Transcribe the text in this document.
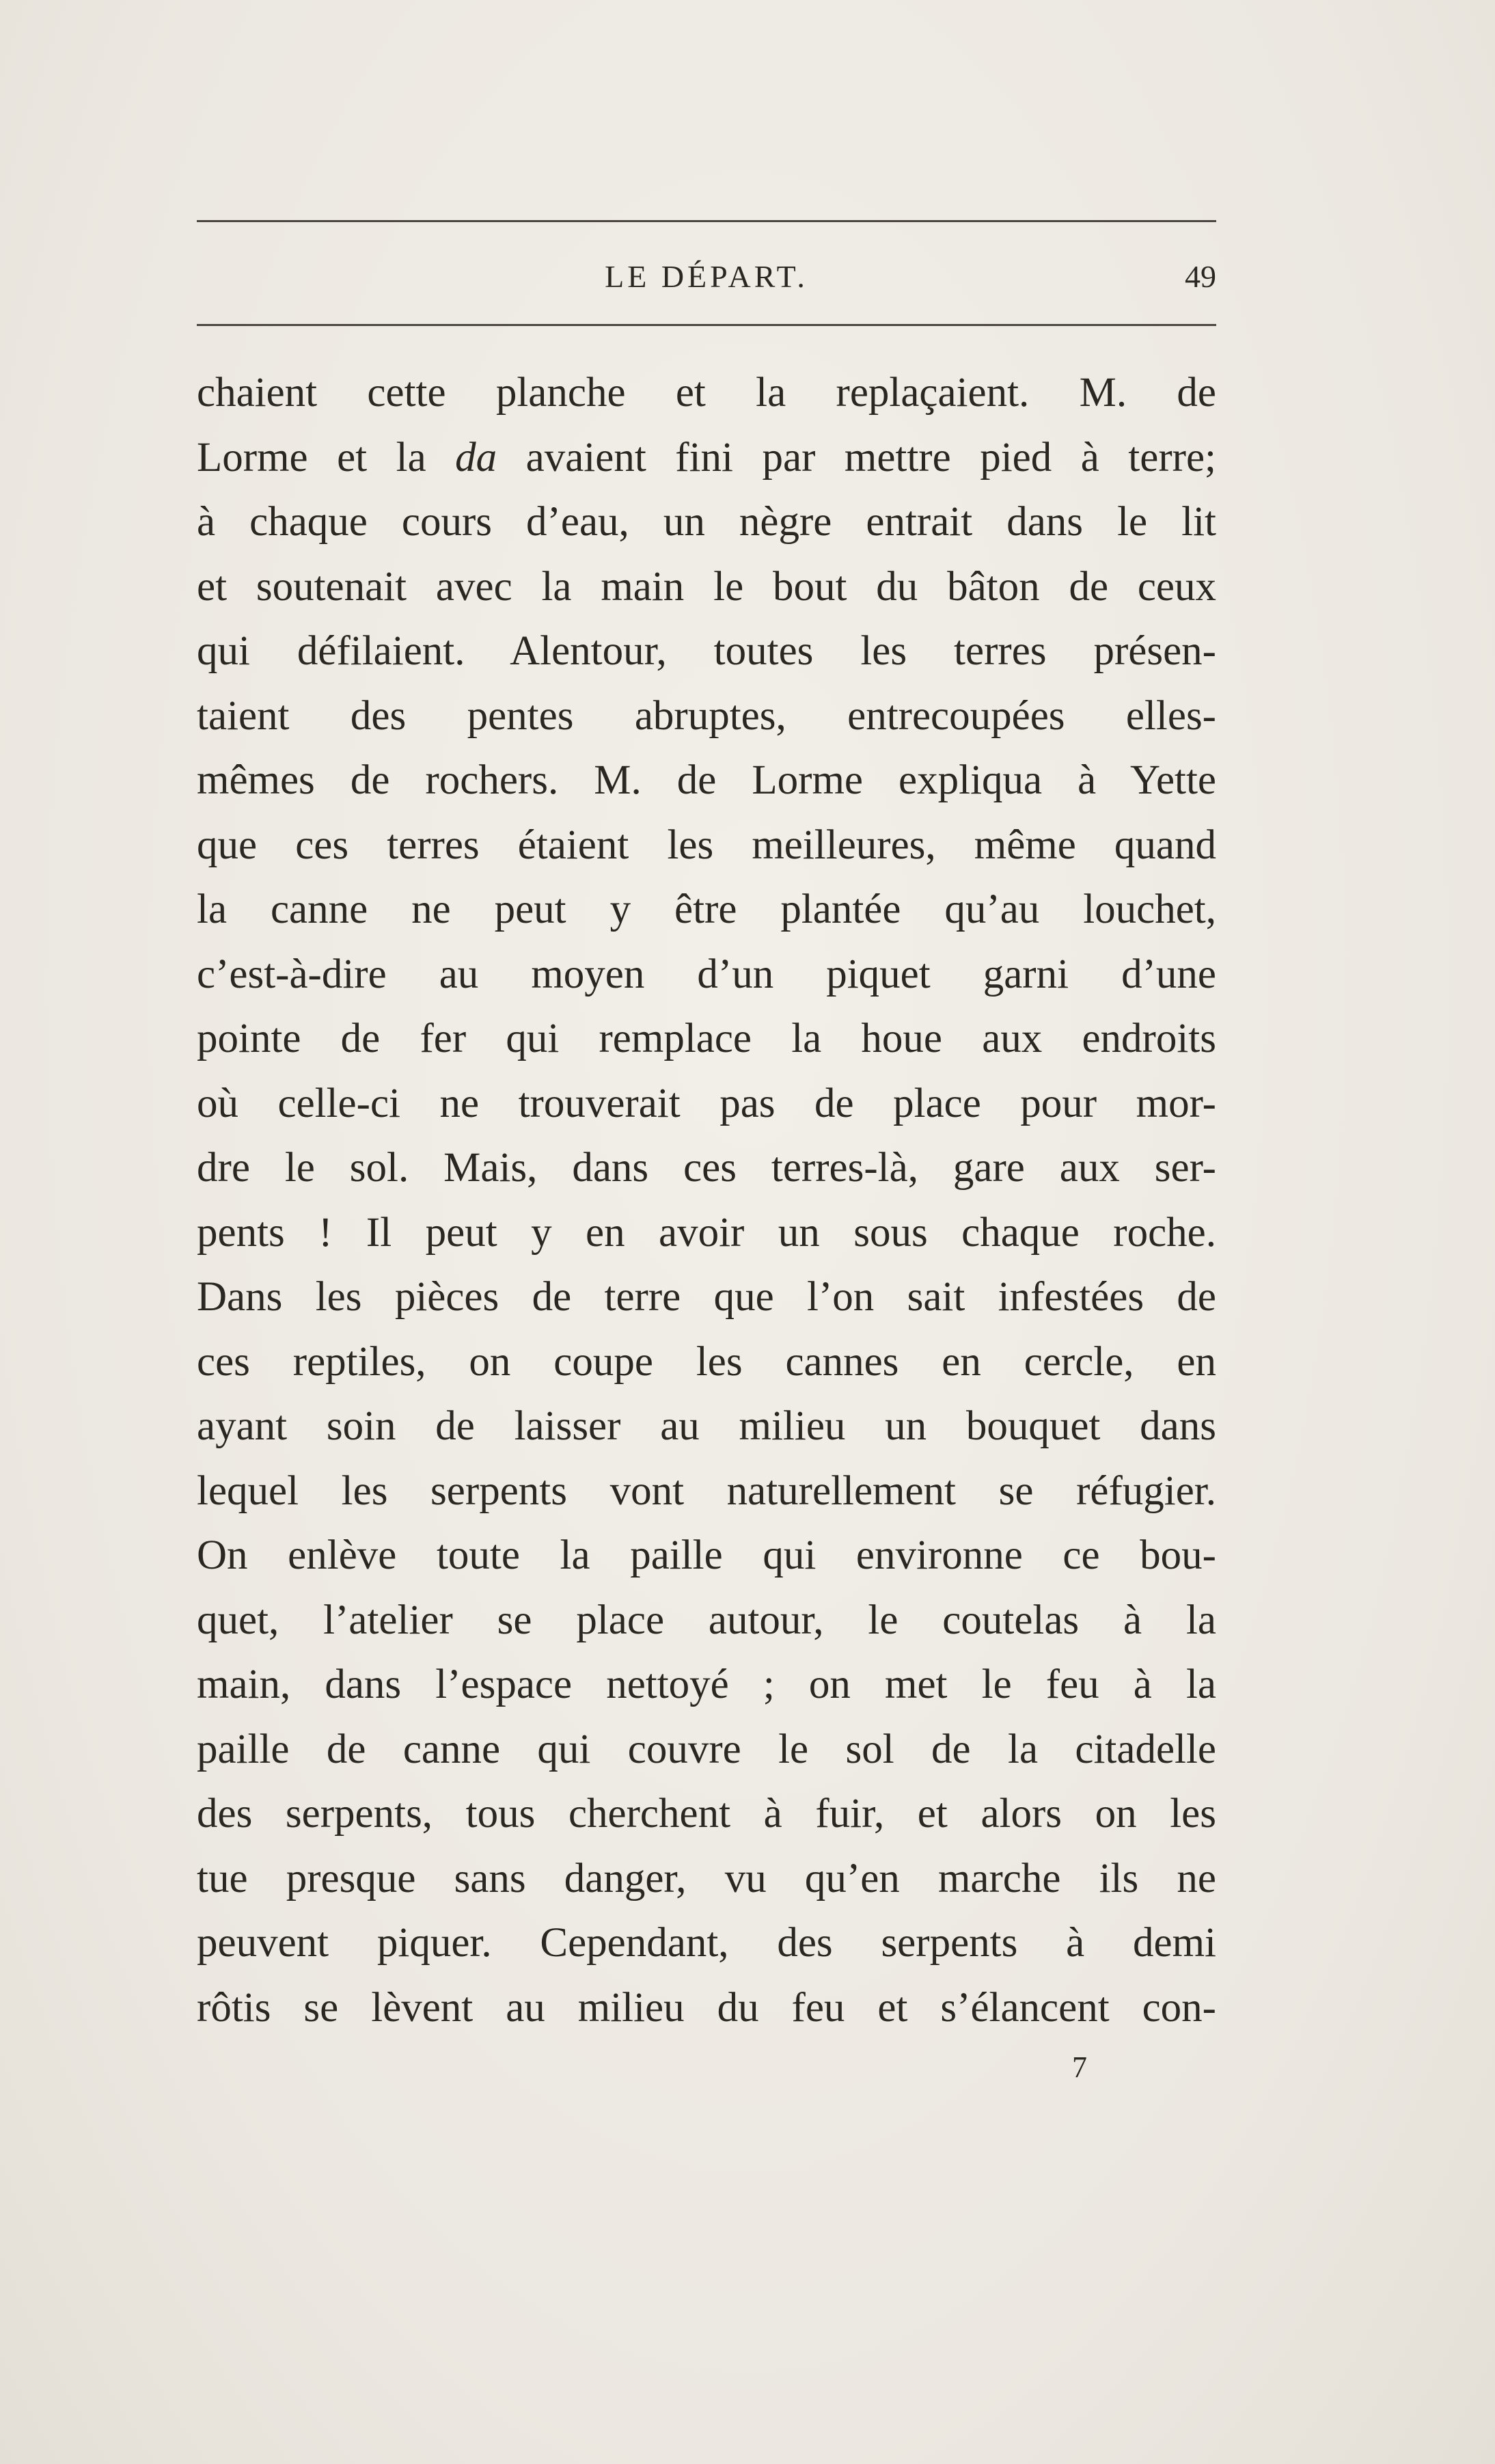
LE DÉPART.	49
chaient cette planche et la replaçaient. M. de
Lorme et la da avaient fini par mettre pied à terre;
à chaque cours d’eau, un nègre entrait dans le lit
et soutenait avec la main le bout du bâton de ceux
qui défilaient. Alentour, toutes les terres présen-
taient des pentes abruptes, entrecoupées elles-
mêmes de rochers. M. de Lorme expliqua à Yette
que ces terres étaient les meilleures, même quand
la canne ne peut y être plantée qu’au louchet,
c’est-à-dire au moyen d’un piquet garni d’une
pointe de fer qui remplace la houe aux endroits
où celle-ci ne trouverait pas de place pour mor-
dre le sol. Mais, dans ces terres-là, gare aux ser-
pents ! Il peut y en avoir un sous chaque roche.
Dans les pièces de terre que l’on sait infestées de
ces reptiles, on coupe les cannes en cercle, en
ayant soin de laisser au milieu un bouquet dans
lequel les serpents vont naturellement se réfugier.
On enlève toute la paille qui environne ce bou-
quet, l’atelier se place autour, le coutelas à la
main, dans l’espace nettoyé ; on met le feu à la
paille de canne qui couvre le sol de la citadelle
des serpents, tous cherchent à fuir, et alors on les
tue presque sans danger, vu qu’en marche ils ne
peuvent piquer. Cependant, des serpents à demi
rôtis se lèvent au milieu du feu et s’élancent con-
7
